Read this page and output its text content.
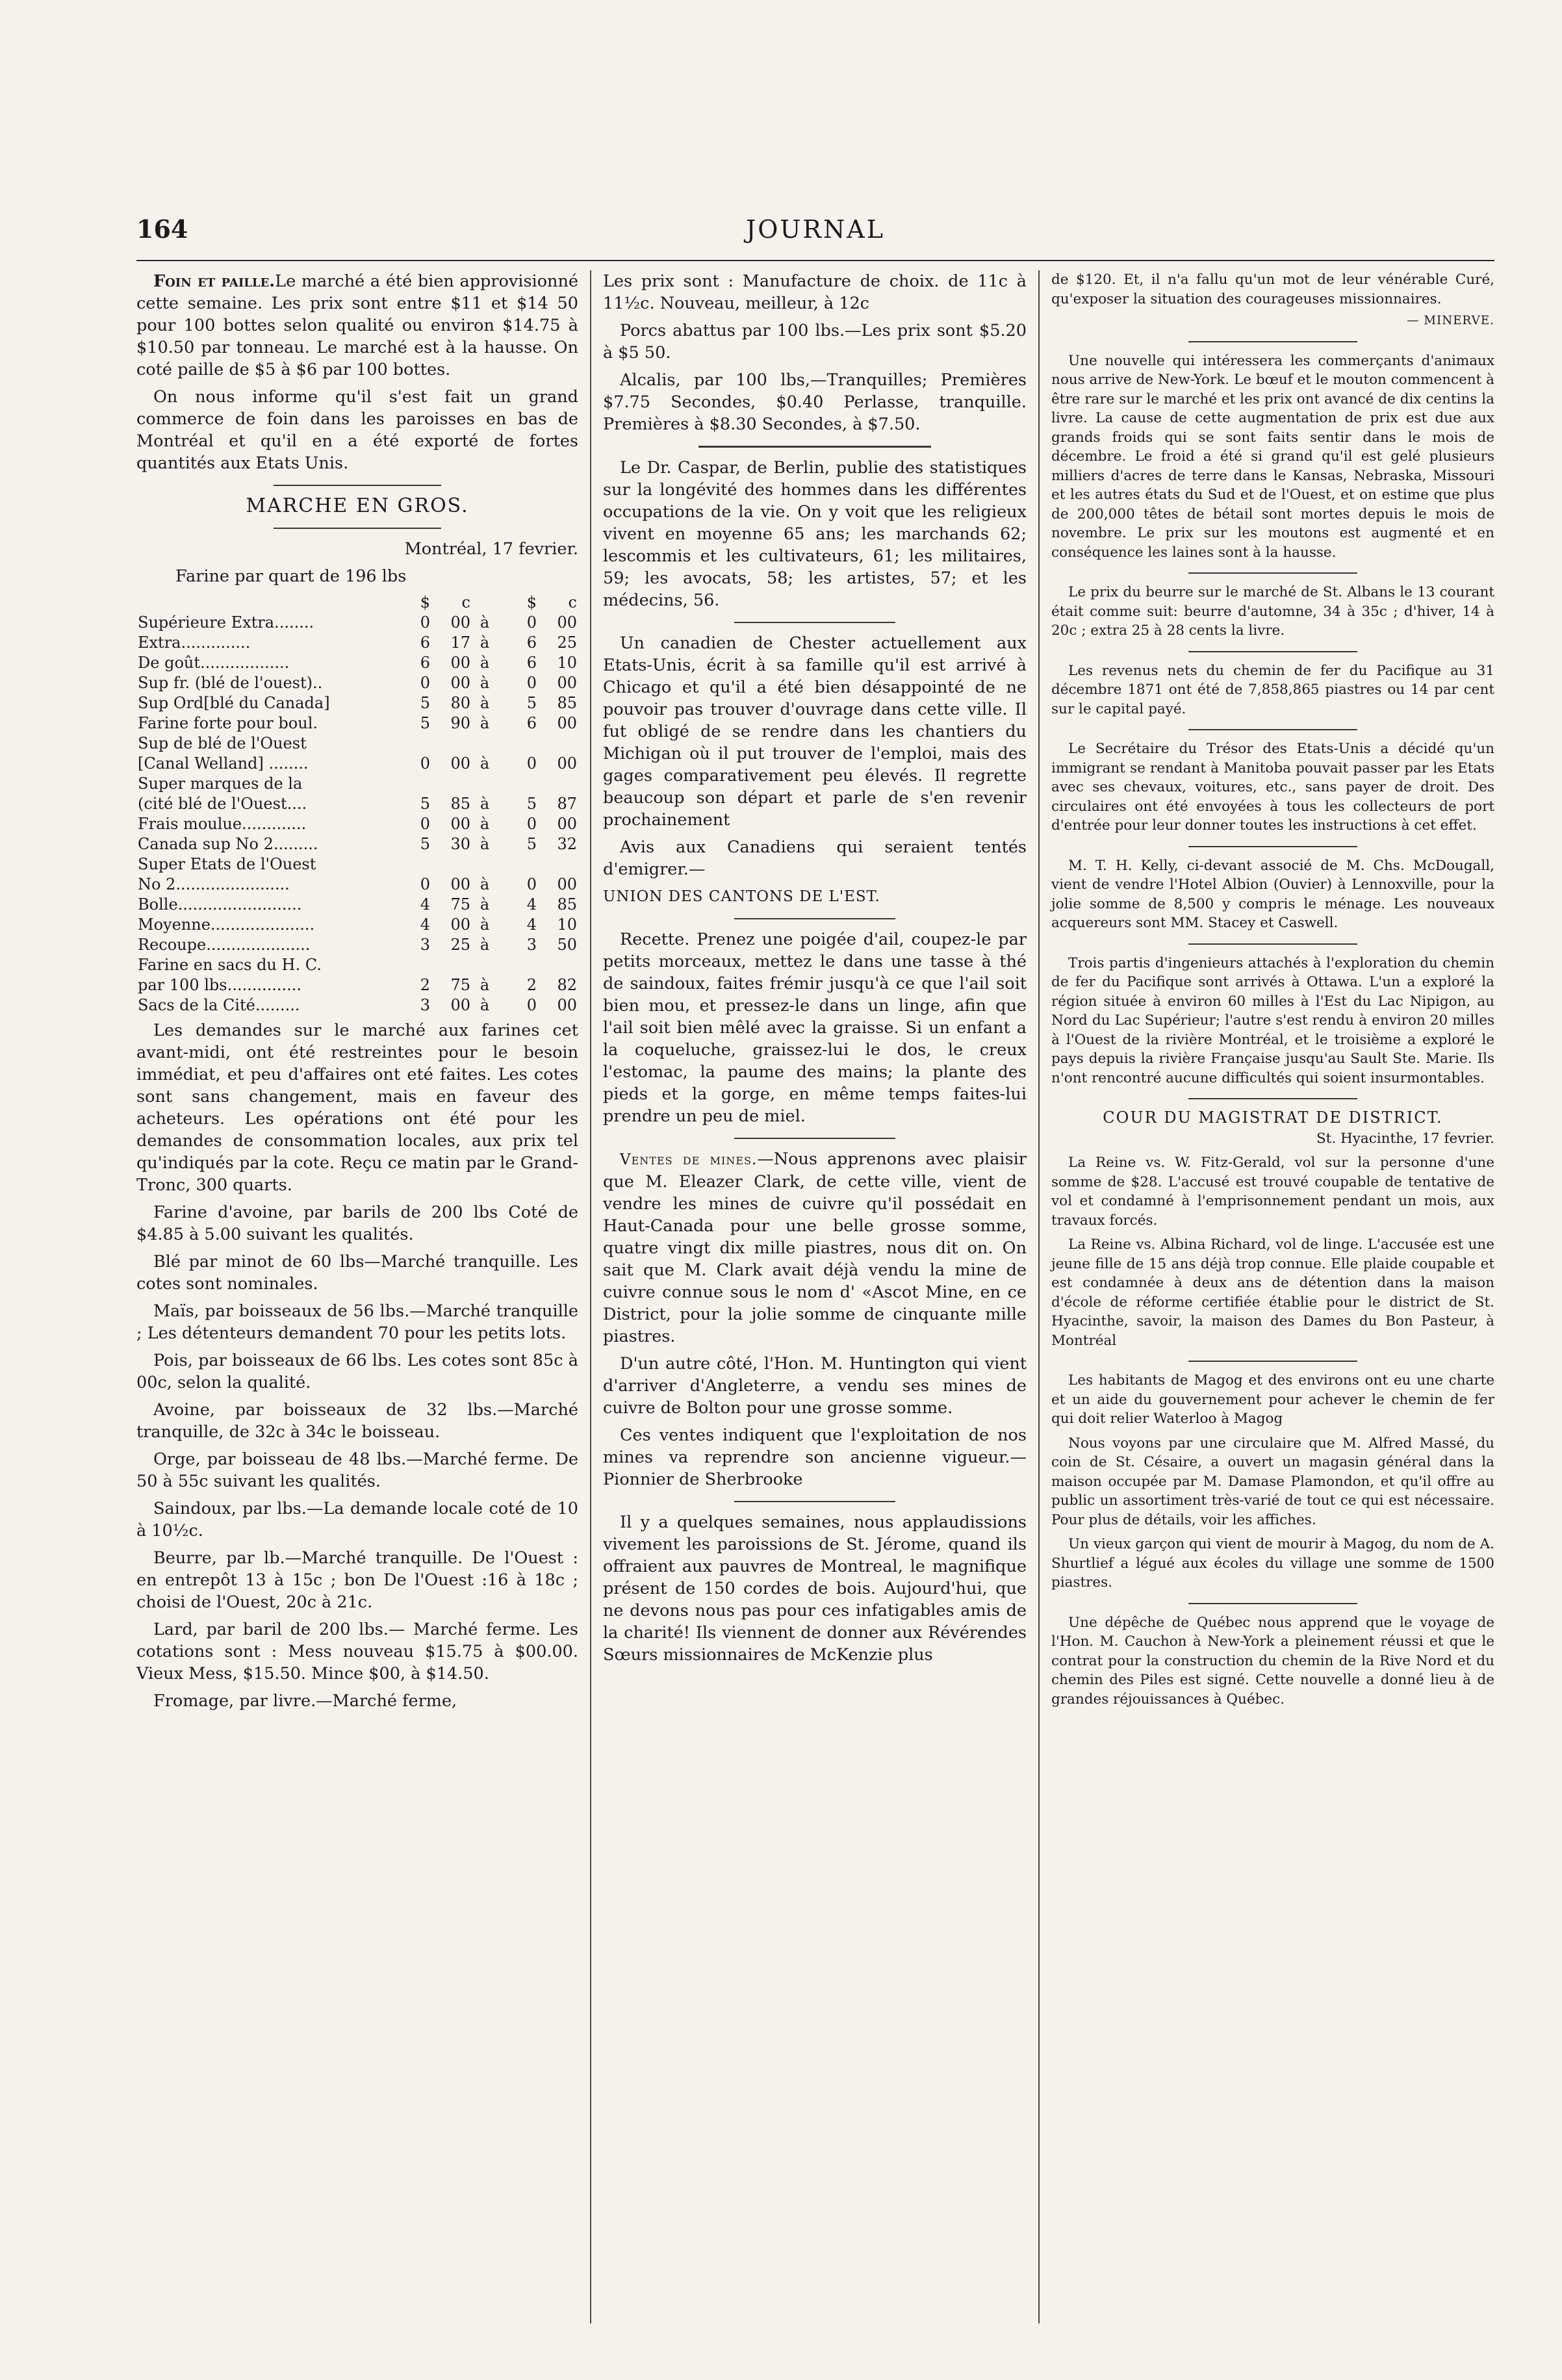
164	JOURNAL

Foin et paille.Le marché a été bien approvisionné cette semaine. Les prix sont entre $11 et $14 50 pour 100 bottes selon qualité ou environ $14.75 à $10.50 par tonneau. Le marché est à la hausse. On coté paille de $5 à $6 par 100 bottes.

On nous informe qu'il s'est fait un grand commerce de foin dans les paroisses en bas de Montréal et qu'il en a été exporté de fortes quantités aux Etats Unis.

MARCHE EN GROS.

Montréal, 17 fevrier.

Farine par quart de 196 lbs

	$	c		$	c
Supérieure Extra........	0	00	à	0	00
Extra..............	6	17	à	6	25
De goût..................	6	00	à	6	10
Sup fr. (blé de l'ouest)..	0	00	à	0	00
Sup Ord[blé du Canada]	5	80	à	5	85
Farine forte pour boul.	5	90	à	6	00
Sup de blé de l'Ouest					
[Canal Welland] ........	0	00	à	0	00
Super marques de la					
(cité blé de l'Ouest....	5	85	à	5	87
Frais moulue.............	0	00	à	0	00
Canada sup No 2.........	5	30	à	5	32
Super Etats de l'Ouest					
No 2.......................	0	00	à	0	00
Bolle.........................	4	75	à	4	85
Moyenne.....................	4	00	à	4	10
Recoupe.....................	3	25	à	3	50
Farine en sacs du H. C.					
par 100 lbs...............	2	75	à	2	82
Sacs de la Cité.........	3	00	à	0	00

Les demandes sur le marché aux farines cet avant-midi, ont été restreintes pour le besoin immédiat, et peu d'affaires ont eté faites. Les cotes sont sans changement, mais en faveur des acheteurs. Les opérations ont été pour les demandes de consommation locales, aux prix tel qu'indiqués par la cote. Reçu ce matin par le Grand-Tronc, 300 quarts.

Farine d'avoine, par barils de 200 lbs Coté de $4.85 à 5.00 suivant les qualités.

Blé par minot de 60 lbs—Marché tranquille. Les cotes sont nominales.

Maïs, par boisseaux de 56 lbs.—Marché tranquille ; Les détenteurs demandent 70 pour les petits lots.

Pois, par boisseaux de 66 lbs. Les cotes sont 85c à 00c, selon la qualité.

Avoine, par boisseaux de 32 lbs.—Marché tranquille, de 32c à 34c le boisseau.

Orge, par boisseau de 48 lbs.—Marché ferme. De 50 à 55c suivant les qualités.

Saindoux, par lbs.—La demande locale coté de 10 à 10½c.

Beurre, par lb.—Marché tranquille. De l'Ouest : en entrepôt 13 à 15c ; bon De l'Ouest :16 à 18c ; choisi de l'Ouest, 20c à 21c.

Lard, par baril de 200 lbs.— Marché ferme. Les cotations sont : Mess nouveau $15.75 à $00.00. Vieux Mess, $15.50. Mince $00, à $14.50.

Fromage, par livre.—Marché ferme,

Les prix sont : Manufacture de choix. de 11c à 11½c. Nouveau, meilleur, à 12c

Porcs abattus par 100 lbs.—Les prix sont $5.20 à $5 50.

Alcalis, par 100 lbs,—Tranquilles; Premières $7.75 Secondes, $0.40 Perlasse, tranquille. Premières à $8.30 Secondes, à $7.50.

Le Dr. Caspar, de Berlin, publie des statistiques sur la longévité des hommes dans les différentes occupations de la vie. On y voit que les religieux vivent en moyenne 65 ans; les marchands 62; lescommis et les cultivateurs, 61; les militaires, 59; les avocats, 58; les artistes, 57; et les médecins, 56.

Un canadien de Chester actuellement aux Etats-Unis, écrit à sa famille qu'il est arrivé à Chicago et qu'il a été bien désappointé de ne pouvoir pas trouver d'ouvrage dans cette ville. Il fut obligé de se rendre dans les chantiers du Michigan où il put trouver de l'emploi, mais des gages comparativement peu élevés. Il regrette beaucoup son départ et parle de s'en revenir prochainement

Avis aux Canadiens qui seraient tentés d'emigrer.—

UNION DES CANTONS DE L'EST.

Recette. Prenez une poigée d'ail, coupez-le par petits morceaux, mettez le dans une tasse à thé de saindoux, faites frémir jusqu'à ce que l'ail soit bien mou, et pressez-le dans un linge, afin que l'ail soit bien mêlé avec la graisse. Si un enfant a la coqueluche, graissez-lui le dos, le creux l'estomac, la paume des mains; la plante des pieds et la gorge, en même temps faites-lui prendre un peu de miel.

Ventes de mines.—Nous apprenons avec plaisir que M. Eleazer Clark, de cette ville, vient de vendre les mines de cuivre qu'il possédait en Haut-Canada pour une belle grosse somme, quatre vingt dix mille piastres, nous dit on. On sait que M. Clark avait déjà vendu la mine de cuivre connue sous le nom d' «Ascot Mine, en ce District, pour la jolie somme de cinquante mille piastres.

D'un autre côté, l'Hon. M. Huntington qui vient d'arriver d'Angleterre, a vendu ses mines de cuivre de Bolton pour une grosse somme.

Ces ventes indiquent que l'exploitation de nos mines va reprendre son ancienne vigueur.—Pionnier de Sherbrooke

Il y a quelques semaines, nous applaudissions vivement les paroissions de St. Jérome, quand ils offraient aux pauvres de Montreal, le magnifique présent de 150 cordes de bois. Aujourd'hui, que ne devons nous pas pour ces infatigables amis de la charité! Ils viennent de donner aux Révérendes Sœurs missionnaires de McKenzie plus

de $120. Et, il n'a fallu qu'un mot de leur vénérable Curé, qu'exposer la situation des courageuses missionnaires.

— MINERVE.

Une nouvelle qui intéressera les commerçants d'animaux nous arrive de New-York. Le bœuf et le mouton commencent à être rare sur le marché et les prix ont avancé de dix centins la livre. La cause de cette augmentation de prix est due aux grands froids qui se sont faits sentir dans le mois de décembre. Le froid a été si grand qu'il est gelé plusieurs milliers d'acres de terre dans le Kansas, Nebraska, Missouri et les autres états du Sud et de l'Ouest, et on estime que plus de 200,000 têtes de bétail sont mortes depuis le mois de novembre. Le prix sur les moutons est augmenté et en conséquence les laines sont à la hausse.

Le prix du beurre sur le marché de St. Albans le 13 courant était comme suit: beurre d'automne, 34 à 35c ; d'hiver, 14 à 20c ; extra 25 à 28 cents la livre.

Les revenus nets du chemin de fer du Pacifique au 31 décembre 1871 ont été de 7,858,865 piastres ou 14 par cent sur le capital payé.

Le Secrétaire du Trésor des Etats-Unis a décidé qu'un immigrant se rendant à Manitoba pouvait passer par les Etats avec ses chevaux, voitures, etc., sans payer de droit. Des circulaires ont été envoyées à tous les collecteurs de port d'entrée pour leur donner toutes les instructions à cet effet.

M. T. H. Kelly, ci-devant associé de M. Chs. McDougall, vient de vendre l'Hotel Albion (Ouvier) à Lennoxville, pour la jolie somme de 8,500 y compris le ménage. Les nouveaux acquereurs sont MM. Stacey et Caswell.

Trois partis d'ingenieurs attachés à l'exploration du chemin de fer du Pacifique sont arrivés à Ottawa. L'un a exploré la région située à environ 60 milles à l'Est du Lac Nipigon, au Nord du Lac Supérieur; l'autre s'est rendu à environ 20 milles à l'Ouest de la rivière Montréal, et le troisième a exploré le pays depuis la rivière Française jusqu'au Sault Ste. Marie. Ils n'ont rencontré aucune difficultés qui soient insurmontables.

COUR DU MAGISTRAT DE DISTRICT.

St. Hyacinthe, 17 fevrier.

La Reine vs. W. Fitz-Gerald, vol sur la personne d'une somme de $28. L'accusé est trouvé coupable de tentative de vol et condamné à l'emprisonnement pendant un mois, aux travaux forcés.

La Reine vs. Albina Richard, vol de linge. L'accusée est une jeune fille de 15 ans déjà trop connue. Elle plaide coupable et est condamnée à deux ans de détention dans la maison d'école de réforme certifiée établie pour le district de St. Hyacinthe, savoir, la maison des Dames du Bon Pasteur, à Montréal

Les habitants de Magog et des environs ont eu une charte et un aide du gouvernement pour achever le chemin de fer qui doit relier Waterloo à Magog

Nous voyons par une circulaire que M. Alfred Massé, du coin de St. Césaire, a ouvert un magasin général dans la maison occupée par M. Damase Plamondon, et qu'il offre au public un assortiment très-varié de tout ce qui est nécessaire. Pour plus de détails, voir les affiches.

Un vieux garçon qui vient de mourir à Magog, du nom de A. Shurtlief a légué aux écoles du village une somme de 1500 piastres.

Une dépêche de Québec nous apprend que le voyage de l'Hon. M. Cauchon à New-York a pleinement réussi et que le contrat pour la construction du chemin de la Rive Nord et du chemin des Piles est signé. Cette nouvelle a donné lieu à de grandes réjouissances à Québec.
